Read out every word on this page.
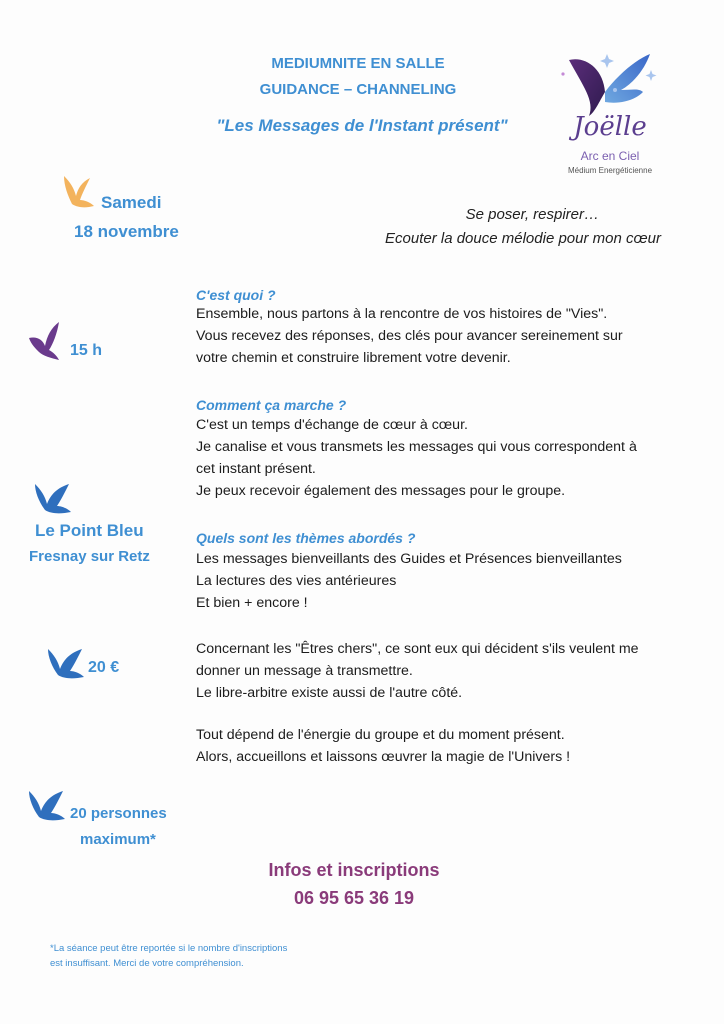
MEDIUMNITE EN SALLE
GUIDANCE – CHANNELING
"Les Messages de l'Instant présent"	Joëlle
Arc en Ciel
Médium Energéticienne
Samedi
18 novembre
Se poser, respirer…
Ecouter la douce mélodie pour mon cœur
15 h
Le Point Bleu
Fresnay sur Retz
20 €
20 personnes
maximum*
C'est quoi ?
Ensemble, nous partons à la rencontre de vos histoires de "Vies".
Vous recevez des réponses, des clés pour avancer sereinement sur
votre chemin et construire librement votre devenir.
Comment ça marche ?
C'est un temps d'échange de cœur à cœur.
Je canalise et vous transmets les messages qui vous correspondent à
cet instant présent.
Je peux recevoir également des messages pour le groupe.
Quels sont les thèmes abordés ?
Les messages bienveillants des Guides et Présences bienveillantes
La lectures des vies antérieures
Et bien + encore !
Concernant les "Êtres chers", ce sont eux qui décident s'ils veulent me
donner un message à transmettre.
Le libre-arbitre existe aussi de l'autre côté.
Tout dépend de l'énergie du groupe et du moment présent.
Alors, accueillons et laissons œuvrer la magie de l'Univers !
Infos et inscriptions
06 95 65 36 19
*La séance peut être reportée si le nombre d'inscriptions
est insuffisant. Merci de votre compréhension.
